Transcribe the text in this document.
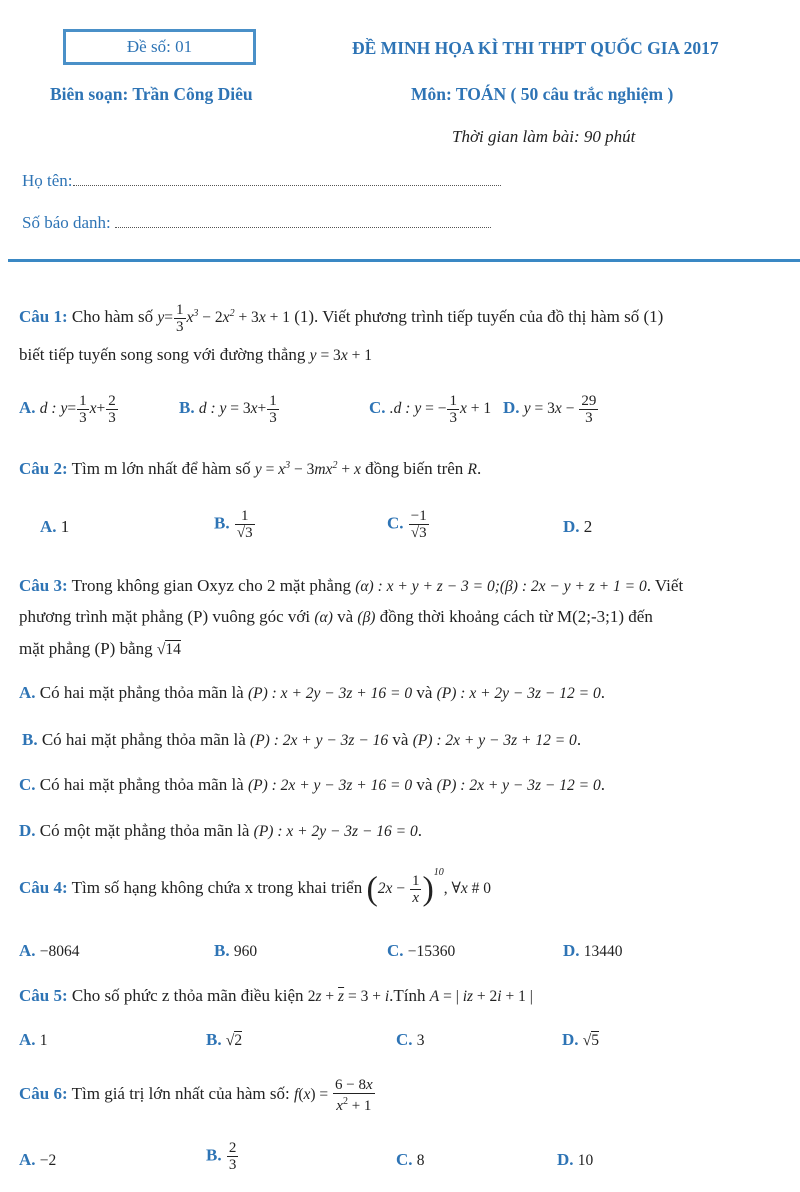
Đề số: 01	ĐỀ MINH HỌA KÌ THI THPT QUỐC GIA 2017
Biên soạn: Trần Công Diêu	Môn: TOÁN ( 50 câu trắc nghiệm )
Thời gian làm bài: 90 phút
Họ tên:
Số báo danh:
Câu 1: Cho hàm số $y= \frac{1}{3} x^3 - 2x^2 + 3x + 1$ (1). Viết phương trình tiếp tuyến của đồ thị hàm số (1)
biết tiếp tuyến song song với đường thẳng y = 3x + 1
A. d : $y= \frac{1}{3} x+ \frac{2}{3}$	B. d : $y = 3x+ \frac{1}{3}$	C. .d : y = − $\frac{1}{3}$ x + 1 D. $y = 3x - \frac{29}{3}$
Câu 2: Tìm m lớn nhất để hàm số $y = x^3 - 3mx^2 + x$ đồng biến trên R.
A. 1	B. $\frac{1}{√3}$	C. $\frac{-1}{√3}$	D. 2
Câu 3: Trong không gian Oxyz cho 2 mặt phẳng (α) : x + y + z − 3 = 0;(β) : 2x − y + z + 1 = 0. Viết
phương trình mặt phẳng (P) vuông góc với (α) và (β) đồng thời khoảng cách từ M(2;-3;1) đến
mặt phẳng (P) bằng √14
A. Có hai mặt phẳng thỏa mãn là (P) : x + 2y − 3z + 16 = 0 và (P) : x + 2y − 3z − 12 = 0.
B. Có hai mặt phẳng thỏa mãn là (P) : 2x + y − 3z − 16 và (P) : 2x + y − 3z + 12 = 0.
C. Có hai mặt phẳng thỏa mãn là (P) : 2x + y − 3z + 16 = 0 và (P) : 2x + y − 3z − 12 = 0.
D. Có một mặt phẳng thỏa mãn là (P) : x + 2y − 3z − 16 = 0.
Câu 4: Tìm số hạng không chứa x trong khai triển $(2x - \frac{1}{x} )^{10}$, ∀x # 0
A. −8064	B. 960	C. −15360	D. 13440
Câu 5: Cho số phức z thỏa mãn điều kiện $2z + \overline{z} = 3$ + i.Tính A = | iz + 2i + 1 |
A. 1	B. √2	C. 3	D. √5
Câu 6: Tìm giá trị lớn nhất của hàm số: $f(x) = \frac{6 - 8x}{x^2 + 1}$
A. −2	B. $\frac{2}{3}$	C. 8	D. 10
